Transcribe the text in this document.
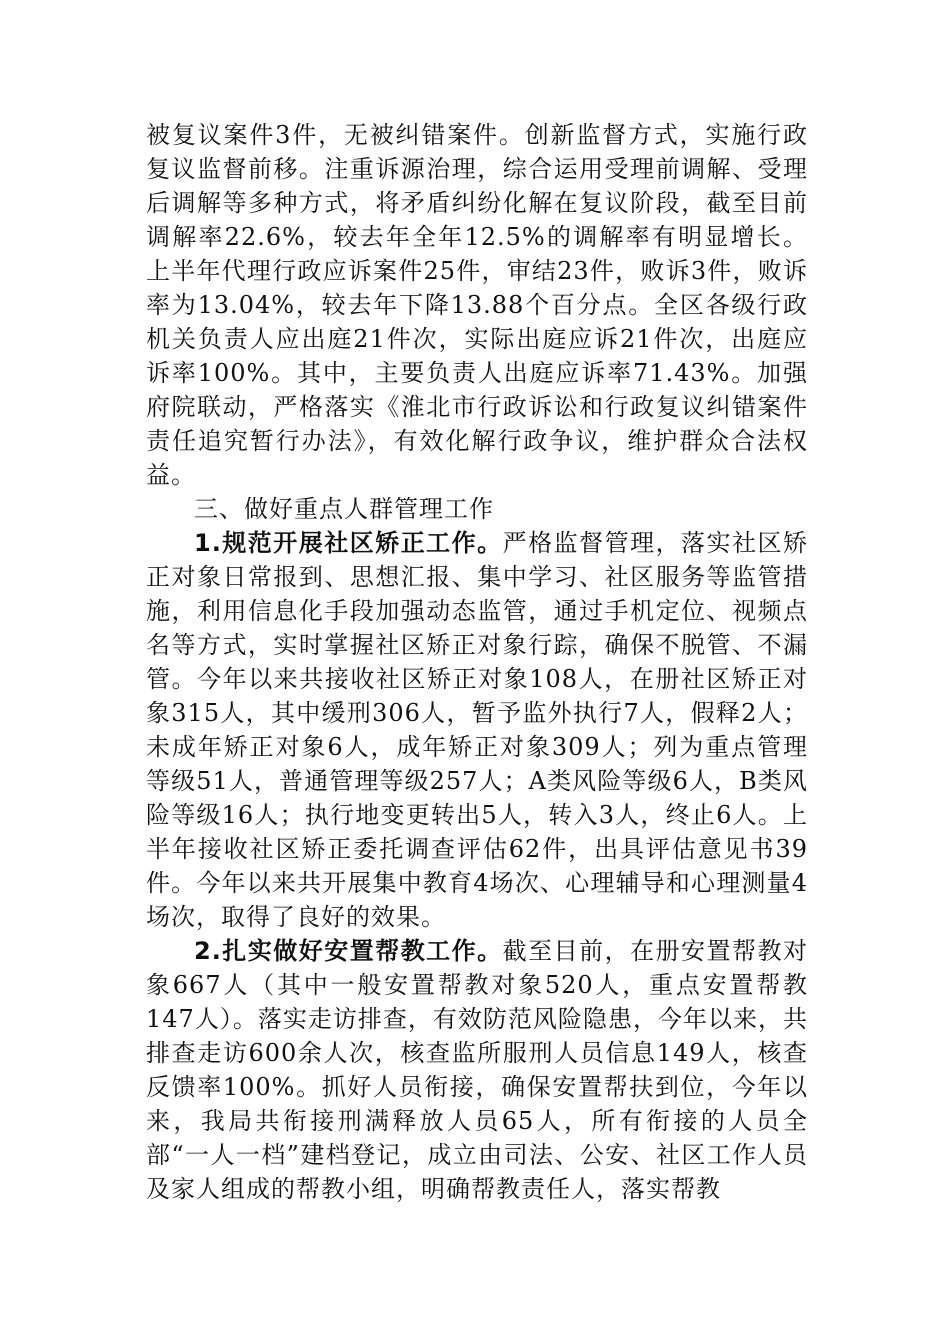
被复议案件3件，无被纠错案件。创新监督方式，实施行政复议监督前移。注重诉源治理，综合运用受理前调解、受理后调解等多种方式，将矛盾纠纷化解在复议阶段，截至目前调解率22.6%，较去年全年12.5%的调解率有明显增长。上半年代理行政应诉案件25件，审结23件，败诉3件，败诉率为13.04%，较去年下降13.88个百分点。全区各级行政机关负责人应出庭21件次，实际出庭应诉21件次，出庭应诉率100%。其中，主要负责人出庭应诉率71.43%。加强府院联动，严格落实《淮北市行政诉讼和行政复议纠错案件责任追究暂行办法》，有效化解行政争议，维护群众合法权益。

三、做好重点人群管理工作

1.规范开展社区矫正工作。严格监督管理，落实社区矫正对象日常报到、思想汇报、集中学习、社区服务等监管措施，利用信息化手段加强动态监管，通过手机定位、视频点名等方式，实时掌握社区矫正对象行踪，确保不脱管、不漏管。今年以来共接收社区矫正对象108人，在册社区矫正对象315人，其中缓刑306人，暂予监外执行7人，假释2人；未成年矫正对象6人，成年矫正对象309人；列为重点管理等级51人，普通管理等级257人；A类风险等级6人，B类风险等级16人；执行地变更转出5人，转入3人，终止6人。上半年接收社区矫正委托调查评估62件，出具评估意见书39件。今年以来共开展集中教育4场次、心理辅导和心理测量4场次，取得了良好的效果。

2.扎实做好安置帮教工作。截至目前，在册安置帮教对象667人（其中一般安置帮教对象520人，重点安置帮教147人）。落实走访排查，有效防范风险隐患，今年以来，共排查走访600余人次，核查监所服刑人员信息149人，核查反馈率100%。抓好人员衔接，确保安置帮扶到位，今年以来，我局共衔接刑满释放人员65人，所有衔接的人员全部“一人一档”建档登记，成立由司法、公安、社区工作人员及家人组成的帮教小组，明确帮教责任人，落实帮教
